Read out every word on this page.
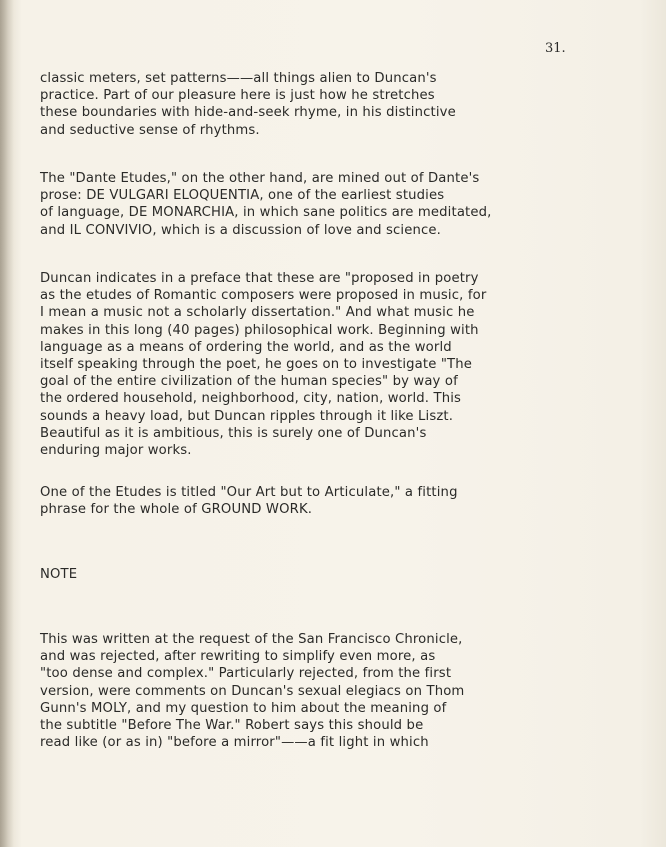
31.

classic meters, set patterns——all things alien to Duncan's
practice. Part of our pleasure here is just how he stretches
these boundaries with hide-and-seek rhyme, in his distinctive
and seductive sense of rhythms.
The "Dante Etudes," on the other hand, are mined out of Dante's
prose: DE VULGARI ELOQUENTIA, one of the earliest studies
of language, DE MONARCHIA, in which sane politics are meditated,
and IL CONVIVIO, which is a discussion of love and science.
Duncan indicates in a preface that these are "proposed in poetry
as the etudes of Romantic composers were proposed in music, for
I mean a music not a scholarly dissertation." And what music he
makes in this long (40 pages) philosophical work. Beginning with
language as a means of ordering the world, and as the world
itself speaking through the poet, he goes on to investigate "The
goal of the entire civilization of the human species" by way of
the ordered household, neighborhood, city, nation, world. This
sounds a heavy load, but Duncan ripples through it like Liszt.
Beautiful as it is ambitious, this is surely one of Duncan's
enduring major works.
One of the Etudes is titled "Our Art but to Articulate," a fitting
phrase for the whole of GROUND WORK.
NOTE
This was written at the request of the San Francisco Chronicle,
and was rejected, after rewriting to simplify even more, as
"too dense and complex." Particularly rejected, from the first
version, were comments on Duncan's sexual elegiacs on Thom
Gunn's MOLY, and my question to him about the meaning of
the subtitle "Before The War." Robert says this should be
read like (or as in) "before a mirror"——a fit light in which
